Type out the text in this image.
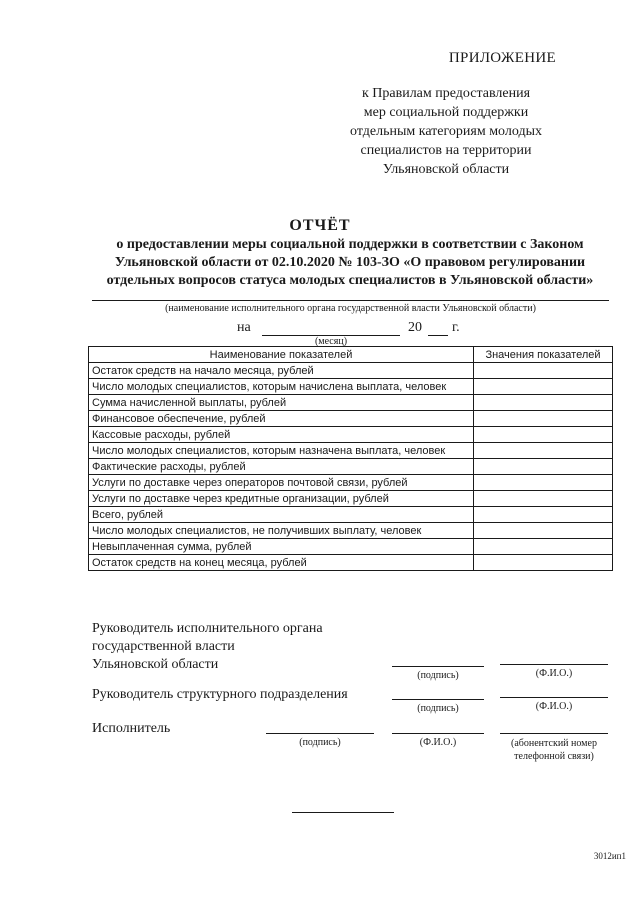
ПРИЛОЖЕНИЕ
к Правилам предоставления
мер социальной поддержки
отдельным категориям молодых
специалистов на территории
Ульяновской области
ОТЧЁТ
о предоставлении меры социальной поддержки в соответствии с Законом
Ульяновской области от 02.10.2020 № 103-ЗО «О правовом регулировании
отдельных вопросов статуса молодых специалистов в Ульяновской области»
(наименование исполнительного органа государственной власти Ульяновской области)
на	20 г.
(месяц)
Наименование показателей	Значения показателей
Остаток средств на начало месяца, рублей	
Число молодых специалистов, которым начислена выплата, человек	
Сумма начисленной выплаты, рублей	
Финансовое обеспечение, рублей	
Кассовые расходы, рублей	
Число молодых специалистов, которым назначена выплата, человек	
Фактические расходы, рублей	
Услуги по доставке через операторов почтовой связи, рублей	
Услуги по доставке через кредитные организации, рублей	
Всего, рублей	
Число молодых специалистов, не получивших выплату, человек	
Невыплаченная сумма, рублей	
Остаток средств на конец месяца, рублей	
Руководитель исполнительного органа
государственной власти
Ульяновской области
(подпись)	(Ф.И.О.)
Руководитель структурного подразделения
(подпись)	(Ф.И.О.)
Исполнитель
(подпись)	(Ф.И.О.)	(абонентский номер
телефонной связи)
3012ип1
